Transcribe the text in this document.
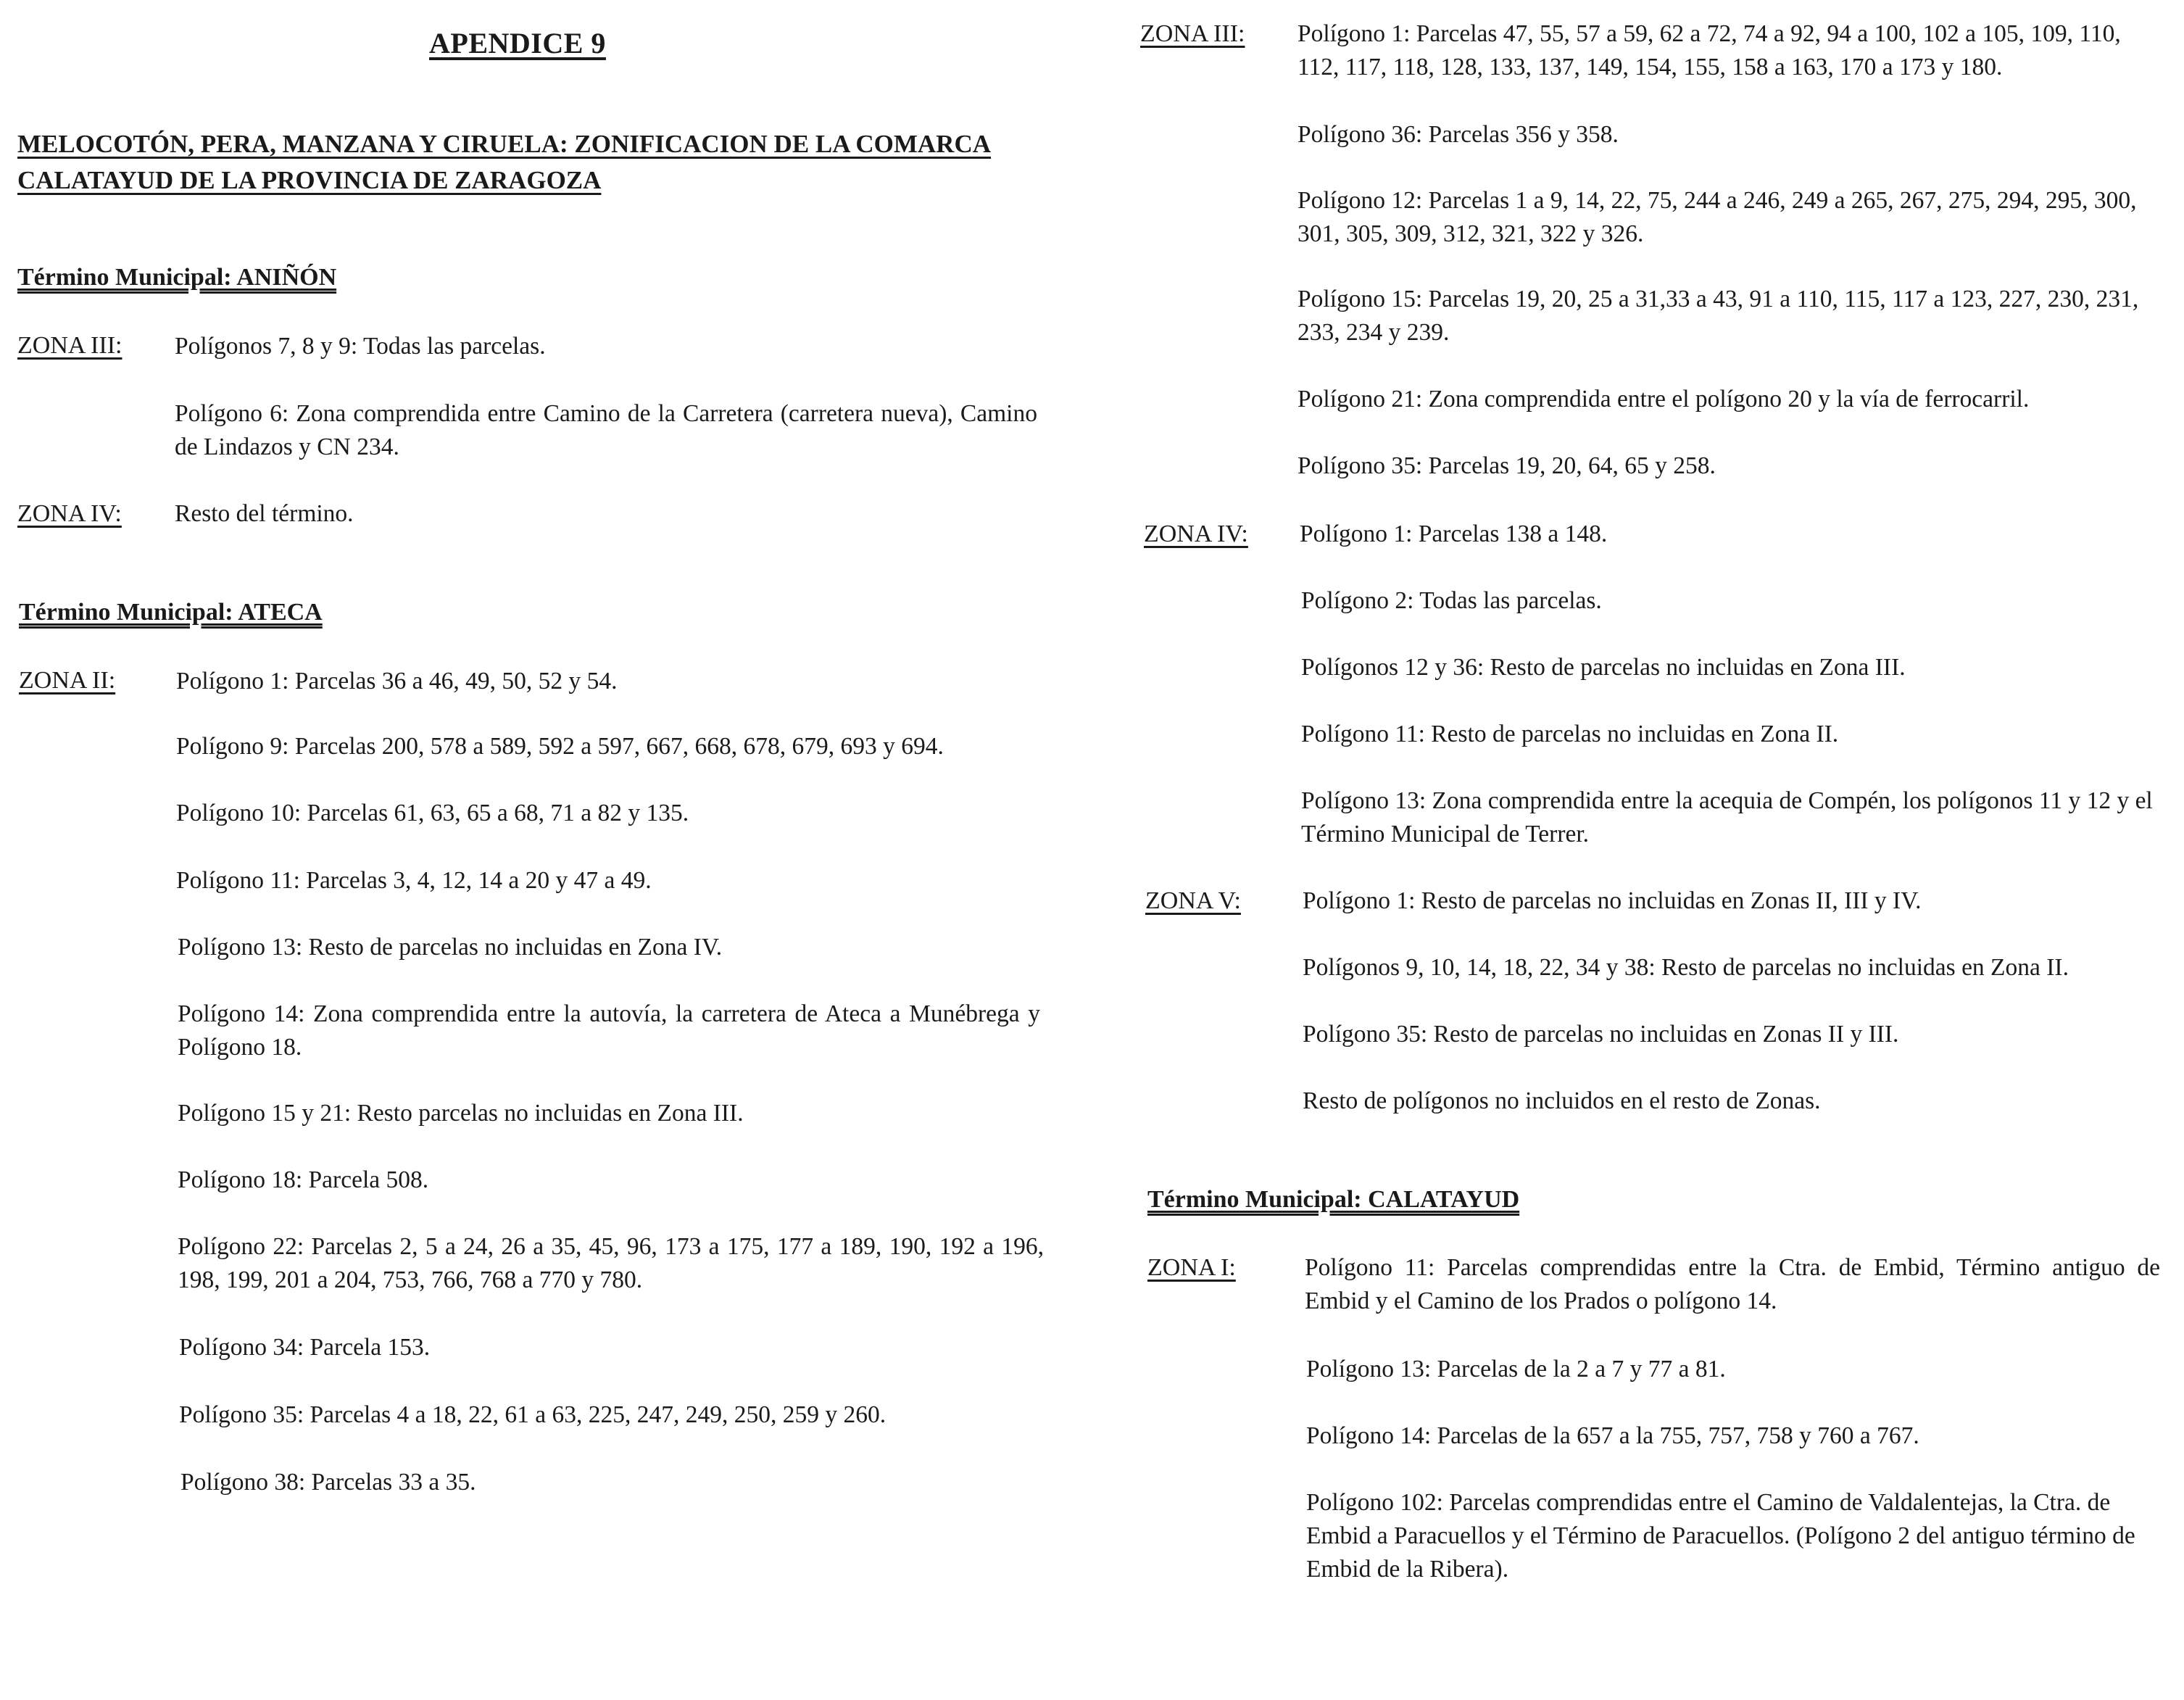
APENDICE 9
MELOCOTÓN, PERA, MANZANA Y CIRUELA: ZONIFICACION DE LA COMARCA
CALATAYUD DE LA PROVINCIA DE ZARAGOZA
Término Municipal: ANIÑÓN
ZONA III: Polígonos 7, 8 y 9: Todas las parcelas.
Polígono 6: Zona comprendida entre Camino de la Carretera (carretera nueva), Camino de Lindazos y CN 234.
ZONA IV: Resto del término.
Término Municipal: ATECA
ZONA II:	Polígono 1: Parcelas 36 a 46, 49, 50, 52 y 54.
Polígono 9: Parcelas 200, 578 a 589, 592 a 597, 667, 668, 678, 679, 693 y 694.
Polígono 10: Parcelas 61, 63, 65 a 68, 71 a 82 y 135.
Polígono 11: Parcelas 3, 4, 12, 14 a 20 y 47 a 49.
Polígono 13: Resto de parcelas no incluidas en Zona IV.
Polígono 14: Zona comprendida entre la autovía, la carretera de Ateca a Munébrega y Polígono 18.
Polígono 15 y 21: Resto parcelas no incluidas en Zona III.
Polígono 18: Parcela 508.
Polígono 22: Parcelas 2, 5 a 24, 26 a 35, 45, 96, 173 a 175, 177 a 189, 190, 192 a 196, 198, 199, 201 a 204, 753, 766, 768 a 770 y 780.
Polígono 34: Parcela 153.
Polígono 35: Parcelas 4 a 18, 22, 61 a 63, 225, 247, 249, 250, 259 y 260.
Polígono 38: Parcelas 33 a 35.
ZONA III: Polígono 1: Parcelas 47, 55, 57 a 59, 62 a 72, 74 a 92, 94 a 100, 102 a 105, 109, 110, 112, 117, 118, 128, 133, 137, 149, 154, 155, 158 a 163, 170 a 173 y 180.
Polígono 36: Parcelas 356 y 358.
Polígono 12: Parcelas 1 a 9, 14, 22, 75, 244 a 246, 249 a 265, 267, 275, 294, 295, 300, 301, 305, 309, 312, 321, 322 y 326.
Polígono 15: Parcelas 19, 20, 25 a 31,33 a 43, 91 a 110, 115, 117 a 123, 227, 230, 231, 233, 234 y 239.
Polígono 21: Zona comprendida entre el polígono 20 y la vía de ferrocarril.
Polígono 35: Parcelas 19, 20, 64, 65 y 258.
ZONA IV: Polígono 1: Parcelas 138 a 148.
Polígono 2: Todas las parcelas.
Polígonos 12 y 36: Resto de parcelas no incluidas en Zona III.
Polígono 11: Resto de parcelas no incluidas en Zona II.
Polígono 13: Zona comprendida entre la acequia de Compén, los polígonos 11 y 12 y el Término Municipal de Terrer.
ZONA V:	Polígono 1: Resto de parcelas no incluidas en Zonas II, III y IV.
Polígonos 9, 10, 14, 18, 22, 34 y 38: Resto de parcelas no incluidas en Zona II.
Polígono 35: Resto de parcelas no incluidas en Zonas II y III.
Resto de polígonos no incluidos en el resto de Zonas.
Término Municipal: CALATAYUD
ZONA I:	Polígono 11: Parcelas comprendidas entre la Ctra. de Embid, Término antiguo de Embid y el Camino de los Prados o polígono 14.
Polígono 13: Parcelas de la 2 a 7 y 77 a 81.
Polígono 14: Parcelas de la 657 a la 755, 757, 758 y 760 a 767.
Polígono 102: Parcelas comprendidas entre el Camino de Valdalentejas, la Ctra. de Embid a Paracuellos y el Término de Paracuellos. (Polígono 2 del antiguo término de Embid de la Ribera).
